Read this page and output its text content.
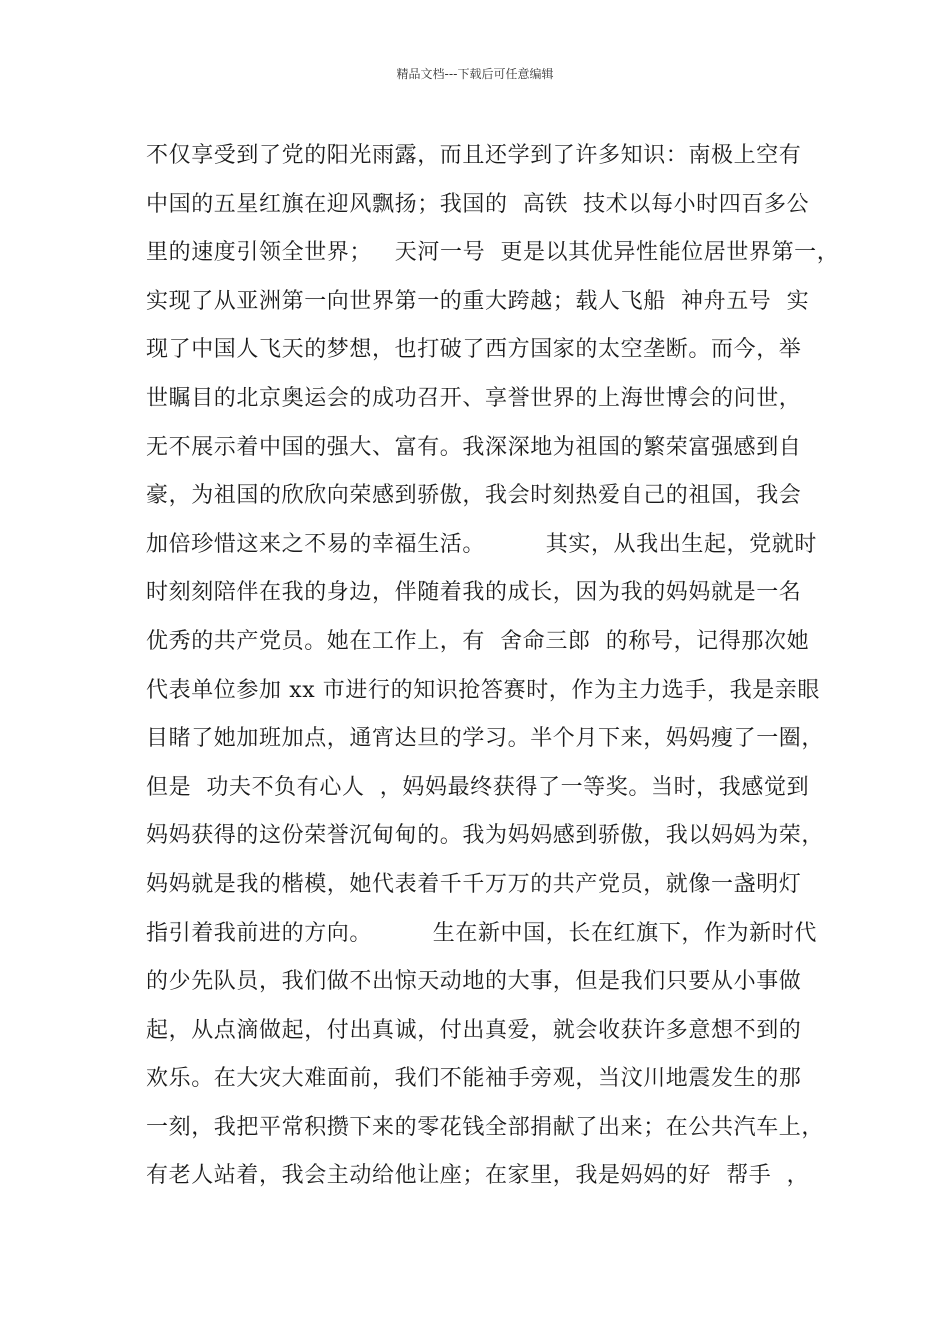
精品文档---下载后可任意编辑
不仅享受到了党的阳光雨露，而且还学到了许多知识：南极上空有
中国的五星红旗在迎风飘扬；我国的  高铁  技术以每小时四百多公
里的速度引领全世界；   天河一号  更是以其优异性能位居世界第一，
实现了从亚洲第一向世界第一的重大跨越；载人飞船  神舟五号  实
现了中国人飞天的梦想，也打破了西方国家的太空垄断。而今，举
世瞩目的北京奥运会的成功召开、享誉世界的上海世博会的问世，
无不展示着中国的强大、富有。我深深地为祖国的繁荣富强感到自
豪，为祖国的欣欣向荣感到骄傲，我会时刻热爱自己的祖国，我会
加倍珍惜这来之不易的幸福生活。        其实，从我出生起，党就时
时刻刻陪伴在我的身边，伴随着我的成长，因为我的妈妈就是一名
优秀的共产党员。她在工作上，有  舍命三郎  的称号，记得那次她
代表单位参加 xx 市进行的知识抢答赛时，作为主力选手，我是亲眼
目睹了她加班加点，通宵达旦的学习。半个月下来，妈妈瘦了一圈，
但是  功夫不负有心人  ，妈妈最终获得了一等奖。当时，我感觉到
妈妈获得的这份荣誉沉甸甸的。我为妈妈感到骄傲，我以妈妈为荣，
妈妈就是我的楷模，她代表着千千万万的共产党员，就像一盏明灯
指引着我前进的方向。        生在新中国，长在红旗下，作为新时代
的少先队员，我们做不出惊天动地的大事，但是我们只要从小事做
起，从点滴做起，付出真诚，付出真爱，就会收获许多意想不到的
欢乐。在大灾大难面前，我们不能袖手旁观，当汶川地震发生的那
一刻，我把平常积攒下来的零花钱全部捐献了出来；在公共汽车上，
有老人站着，我会主动给他让座；在家里，我是妈妈的好  帮手  ，
